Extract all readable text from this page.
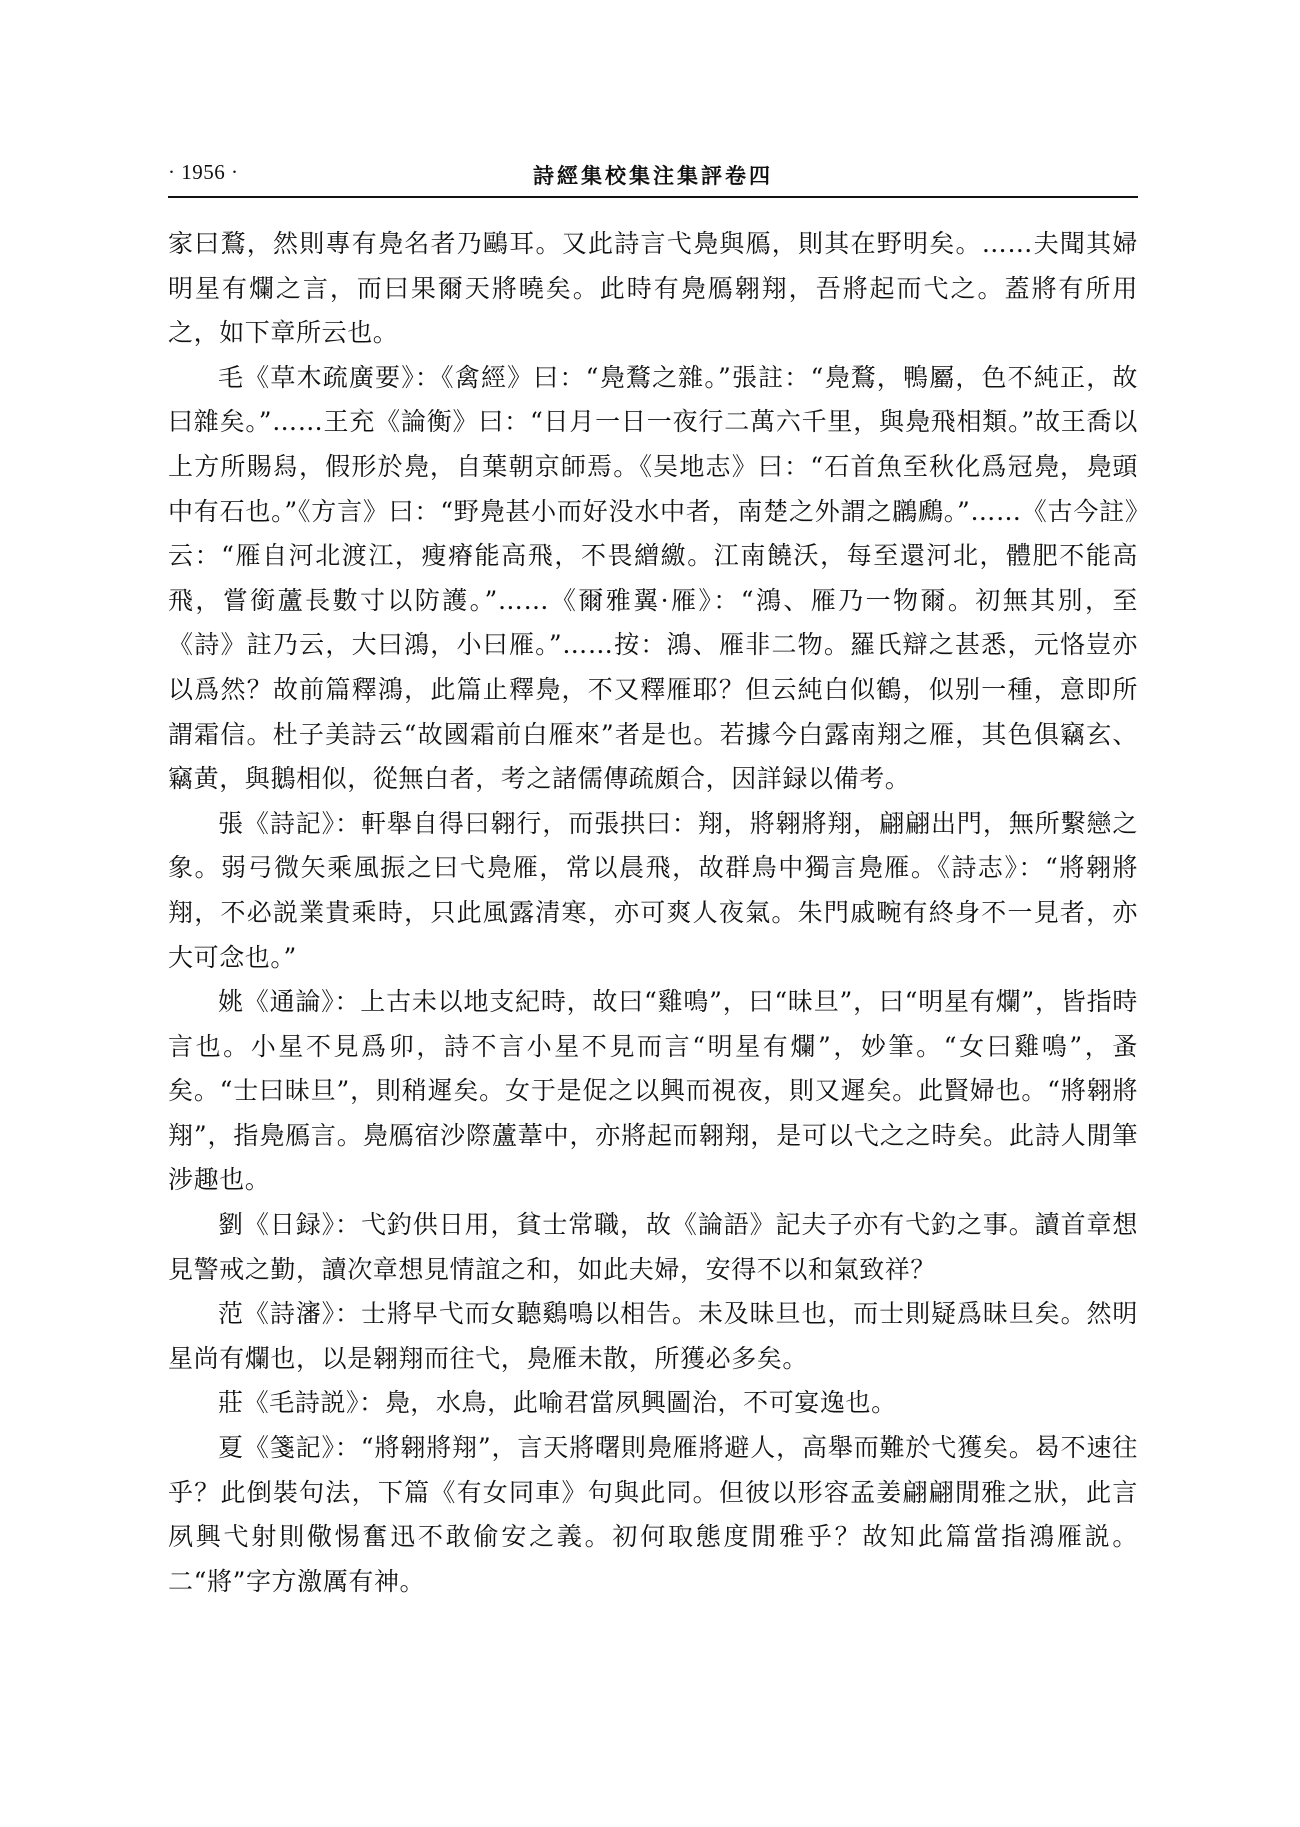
· 1956 ·	詩經集校集注集評卷四

家曰鶩，然則專有鳧名者乃鷗耳。又此詩言弋鳧與鴈，則其在野明矣。……夫聞其婦明星有爛之言，而曰果爾天將曉矣。此時有鳧鴈翱翔，吾將起而弋之。蓋將有所用之，如下章所云也。

毛《草木疏廣要》：《禽經》曰：“鳧鶩之雜。”張註：“鳧鶩，鴨屬，色不純正，故曰雜矣。”……王充《論衡》曰：“日月一日一夜行二萬六千里，與鳧飛相類。”故王喬以上方所賜舄，假形於鳧，自葉朝京師焉。《吴地志》曰：“石首魚至秋化爲冠鳧，鳧頭中有石也。”《方言》曰：“野鳧甚小而好没水中者，南楚之外謂之鸊鷉。”……《古今註》云：“雁自河北渡江，瘦瘠能高飛，不畏繒繳。江南饒沃，每至還河北，體肥不能高飛，嘗銜蘆長數寸以防護。”……《爾雅翼·雁》：“鴻、雁乃一物爾。初無其別，至《詩》註乃云，大曰鴻，小曰雁。”……按：鴻、雁非二物。羅氏辯之甚悉，元恪豈亦以爲然？故前篇釋鴻，此篇止釋鳧，不又釋雁耶？但云純白似鶴，似别一種，意即所謂霜信。杜子美詩云“故國霜前白雁來”者是也。若據今白露南翔之雁，其色俱竊玄、竊黄，與鵝相似，從無白者，考之諸儒傳疏頗合，因詳録以備考。

張《詩記》：軒舉自得曰翱行，而張拱曰：翔，將翱將翔，翩翩出門，無所繫戀之象。弱弓微矢乘風振之曰弋鳧雁，常以晨飛，故群鳥中獨言鳧雁。《詩志》：“將翱將翔，不必説業貴乘時，只此風露清寒，亦可爽人夜氣。朱門戚畹有終身不一見者，亦大可念也。”

姚《通論》：上古未以地支紀時，故曰“雞鳴”，曰“昧旦”，曰“明星有爛”，皆指時言也。小星不見爲卯，詩不言小星不見而言“明星有爛”，妙筆。“女曰雞鳴”，蚤矣。“士曰昧旦”，則稍遲矣。女于是促之以興而視夜，則又遲矣。此賢婦也。“將翱將翔”，指鳧鴈言。鳧鴈宿沙際蘆葦中，亦將起而翱翔，是可以弋之之時矣。此詩人閒筆涉趣也。

劉《日録》：弋釣供日用，貧士常職，故《論語》記夫子亦有弋釣之事。讀首章想見警戒之勤，讀次章想見情誼之和，如此夫婦，安得不以和氣致祥？

范《詩瀋》：士將早弋而女聽鷄鳴以相告。未及昧旦也，而士則疑爲昧旦矣。然明星尚有爛也，以是翱翔而往弋，鳧雁未散，所獲必多矣。

莊《毛詩説》：鳧，水鳥，此喻君當夙興圖治，不可宴逸也。

夏《箋記》：“將翱將翔”，言天將曙則鳧雁將避人，高舉而難於弋獲矣。曷不速往乎？此倒裝句法，下篇《有女同車》句與此同。但彼以形容孟姜翩翩閒雅之狀，此言夙興弋射則儆惕奮迅不敢偷安之義。初何取態度閒雅乎？故知此篇當指鴻雁説。二“將”字方激厲有神。
